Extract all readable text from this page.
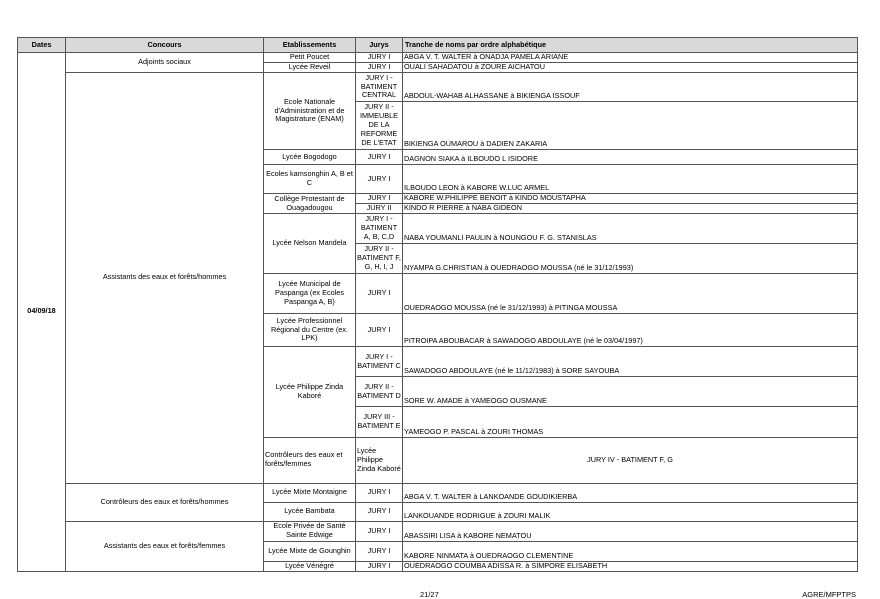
Dates	Concours	Etablissements	Jurys	Tranche de noms par ordre alphabétique	
04/09/18	Adjoints sociaux	Petit Poucet	JURY I	ABGA V. T. WALTER à ONADJA PAMELA ARIANE	
		Lycée Reveil	JURY I	OUALI SAHADATOU à ZOURE AICHATOU	
	Assistants des eaux et forêts/hommes	Ecole Nationale d'Administration et de Magistrature (ENAM)	JURY I - BATIMENT CENTRAL	ABDOUL-WAHAB ALHASSANE à BIKIENGA ISSOUF	
			JURY II - IMMEUBLE DE LA REFORME DE L'ETAT	BIKIENGA OUMAROU à DADIEN ZAKARIA	
		Lycée Bogodogo	JURY I	DAGNON SIAKA à ILBOUDO L ISIDORE	
		Ecoles kamsonghin A, B et C	JURY I	ILBOUDO LEON à KABORE W.LUC ARMEL	
		Collège Protestant de Ouagadougou	JURY I	KABORE W.PHILIPPE BENOIT à KINDO MOUSTAPHA	
			JURY II	KINDO R PIERRE à NABA GIDEON	
		Lycée Nelson Mandela	JURY I - BATIMENT A, B, C,D	NABA YOUMANLI PAULIN à NOUNGOU F. G. STANISLAS	
			JURY II - BATIMENT F, G, H, I, J	NYAMPA G.CHRISTIAN à OUEDRAOGO MOUSSA (né le 31/12/1993)	
		Lycée Municipal de Paspanga (ex Ecoles Paspanga A, B)	JURY I	OUEDRAOGO MOUSSA (né le 31/12/1993) à PITINGA MOUSSA	
		Lycée Professionnel Régional du Centre (ex. LPK)	JURY I	PITROIPA ABOUBACAR à SAWADOGO ABDOULAYE (né le 03/04/1997)	
		Lycée Philippe Zinda Kaboré	JURY I - BATIMENT C	SAWADOGO ABDOULAYE (né le 11/12/1983) à SORE SAYOUBA	
			JURY II - BATIMENT D	SORE W. AMADE à YAMEOGO OUSMANE	
			JURY III - BATIMENT E	YAMEOGO P. PASCAL à ZOURI THOMAS	
		Contrôleurs des eaux et forêts/femmes	Lycée Philippe Zinda Kaboré	JURY IV - BATIMENT F, G	
	Contrôleurs des eaux et forêts/hommes	Lycée Mixte Montaigne	JURY I	ABGA V. T. WALTER à LANKOANDE GOUDIKIERBA	
		Lycée Bambata	JURY I	LANKOUANDE RODRIGUE à ZOURI MALIK	
	Assistants des eaux et forêts/femmes	Ecole Privée de Santé Sainte Edwige	JURY I	ABASSIRI LISA à KABORE NEMATOU	
		Lycée Mixte de Gounghin	JURY I	KABORE NINMATA à OUEDRAOGO CLEMENTINE	
		Lycée Vénégré	JURY I	OUEDRAOGO COUMBA ADISSA R. à SIMPORE ELISABETH	
21/27	AGRE/MFPTPS
